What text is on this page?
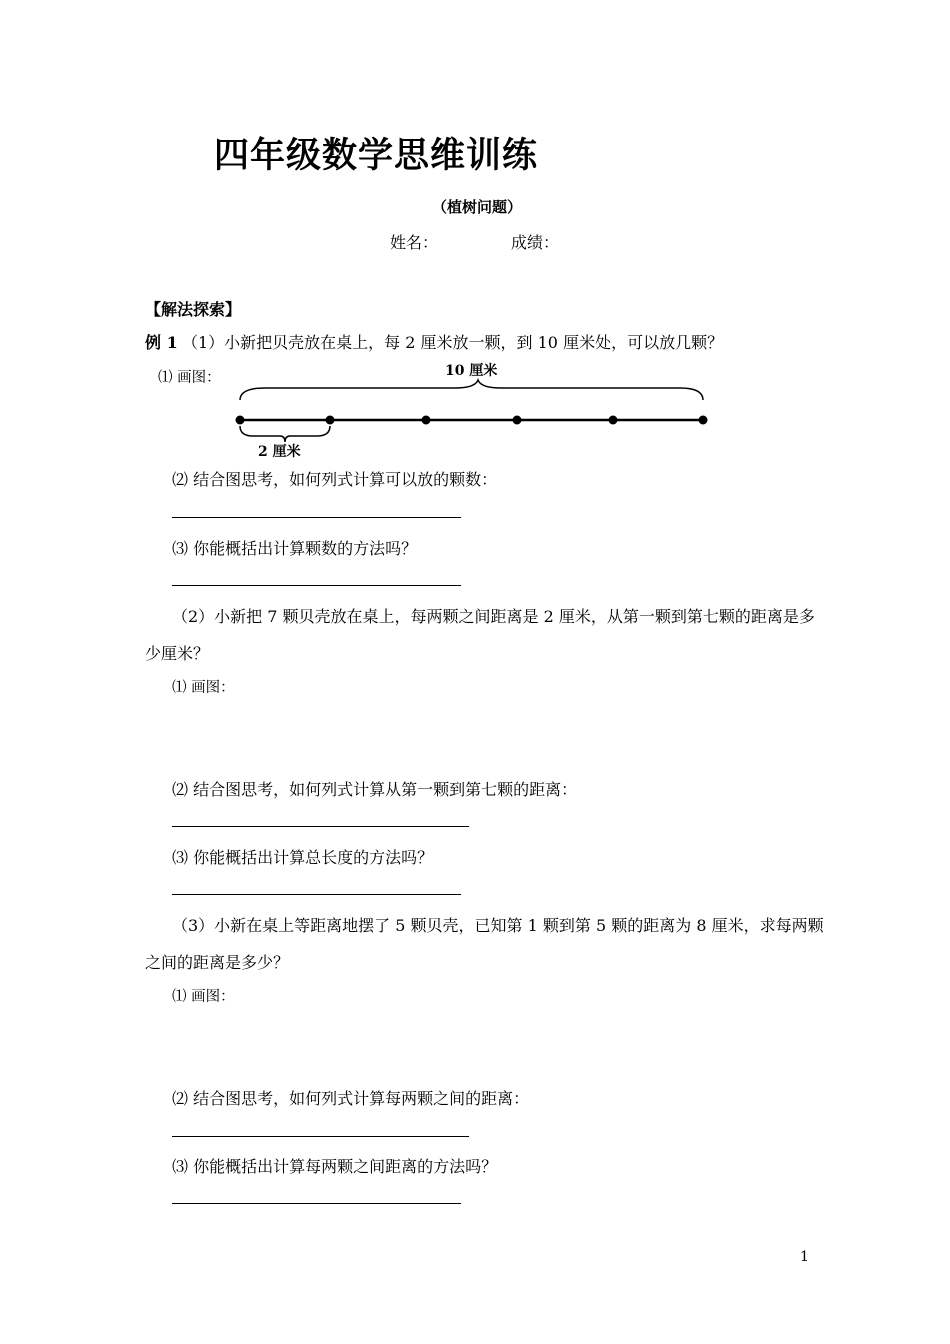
四年级数学思维训练
（植树问题）
姓名：	成绩：
【解法探索】
例 1 （1）小新把贝壳放在桌上，每 2 厘米放一颗，到 10 厘米处，可以放几颗？
⑴ 画图：	10 厘米
2 厘米
⑵ 结合图思考，如何列式计算可以放的颗数：
⑶ 你能概括出计算颗数的方法吗？
（2）小新把 7 颗贝壳放在桌上，每两颗之间距离是 2 厘米，从第一颗到第七颗的距离是多
少厘米？
⑴ 画图：
⑵ 结合图思考，如何列式计算从第一颗到第七颗的距离：
⑶ 你能概括出计算总长度的方法吗？
（3）小新在桌上等距离地摆了 5 颗贝壳，已知第 1 颗到第 5 颗的距离为 8 厘米，求每两颗
之间的距离是多少？
⑴ 画图：
⑵ 结合图思考，如何列式计算每两颗之间的距离：
⑶ 你能概括出计算每两颗之间距离的方法吗？
1
